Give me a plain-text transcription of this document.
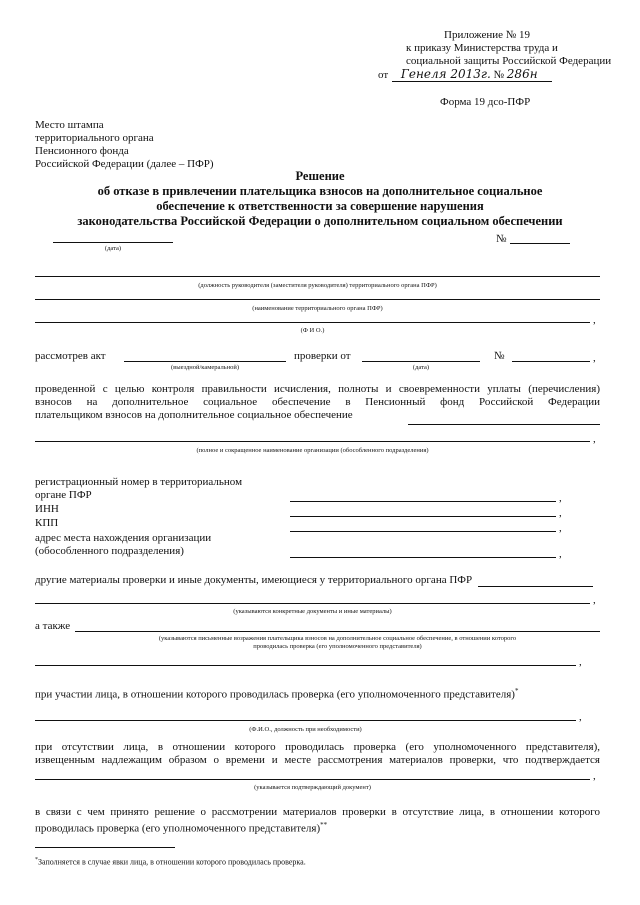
Приложение № 19
к приказу Министерства труда и
социальной защиты Российской Федерации
от Генеля 2013г. № 286н
Форма 19 дсо-ПФР
Место штампа
территориального органа
Пенсионного фонда
Российской Федерации (далее – ПФР)
Решение
об отказе в привлечении плательщика взносов на дополнительное социальное
обеспечение к ответственности за совершение нарушения
законодательства Российской Федерации о дополнительном социальном обеспечении
(дата)
№
(должность руководителя (заместителя руководителя) территориального органа ПФР)
(наименование территориального органа ПФР)
,
(Ф И О.)
рассмотрев акт
(выездной/камеральной)
проверки от
(дата)
№	,
проведенной с целью контроля правильности исчисления, полноты и своевременности уплаты (перечисления)
взносов на дополнительное социальное обеспечение в Пенсионный фонд Российской Федерации
плательщиком взносов на дополнительное социальное обеспечение
,
(полное и сокращенное наименование организации (обособленного подразделения)
регистрационный номер в территориальном
органе ПФР	,
ИНН	,
КПП	,
адрес места нахождения организации
(обособленного подразделения)	,
другие материалы проверки и иные документы, имеющиеся у территориального органа ПФР
,
(указываются конкретные документы и иные материалы)
а также
(указываются письменные возражения плательщика взносов на дополнительное социальное обеспечение, в отношении которого
проводилась проверка (его уполномоченного представителя)
,
при участии лица, в отношении которого проводилась проверка (его уполномоченного представителя)*
,
(Ф.И.О., должность при необходимости)
при отсутствии лица, в отношении которого проводилась проверка (его уполномоченного представителя),
извещенным надлежащим образом о времени и месте рассмотрения материалов проверки, что подтверждается
,
(указывается подтверждающий документ)
в связи с чем принято решение о рассмотрении материалов проверки в отсутствие лица, в отношении которого
проводилась проверка (его уполномоченного представителя)**
*Заполняется в случае явки лица, в отношении которого проводилась проверка.
